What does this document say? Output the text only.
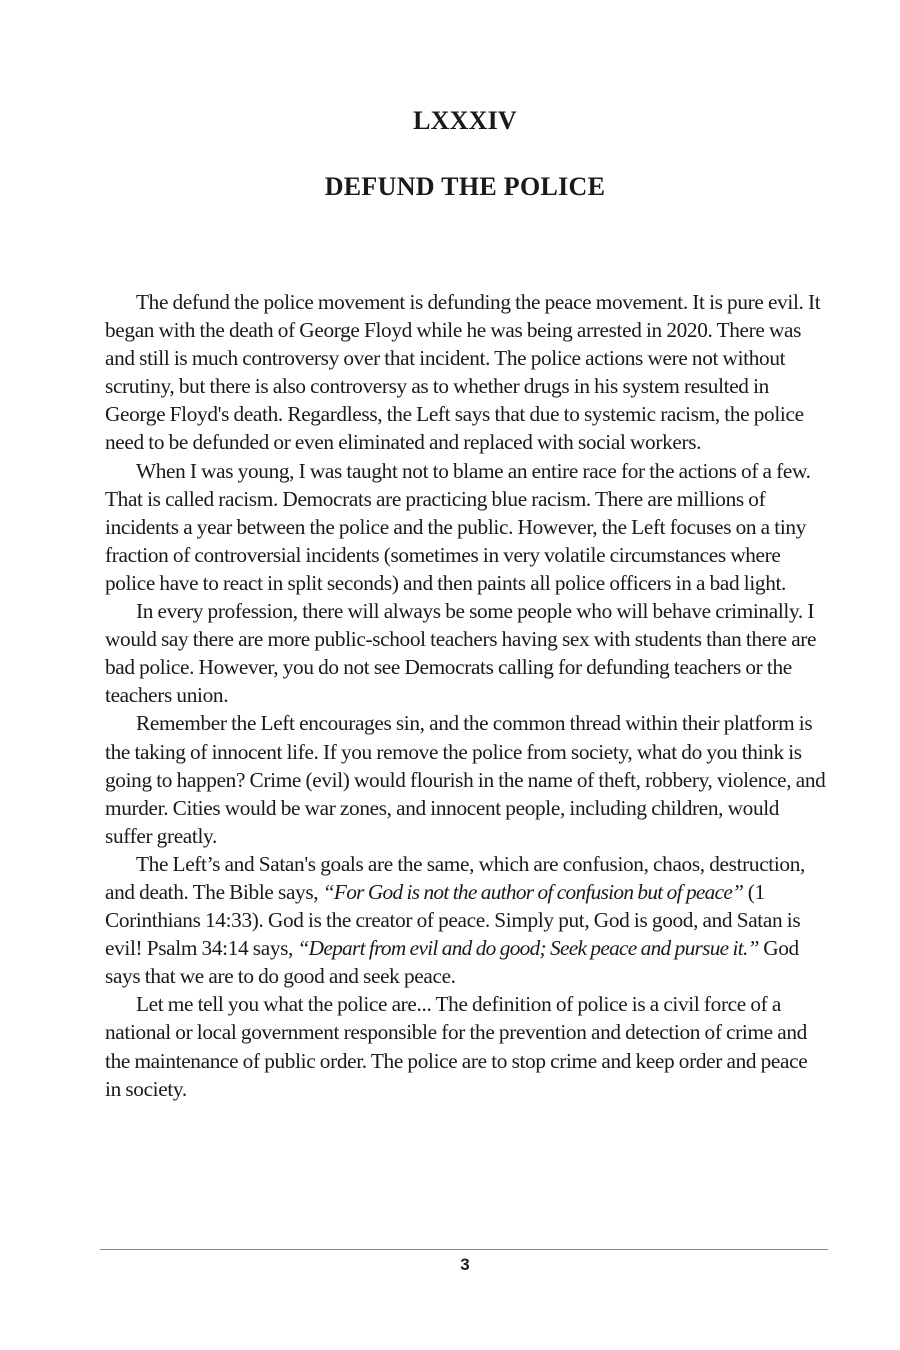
LXXXIV
DEFUND THE POLICE

The defund the police movement is defunding the peace movement. It is pure evil. It began with the death of George Floyd while he was being arrested in 2020. There was and still is much controversy over that incident. The police actions were not without scrutiny, but there is also controversy as to whether drugs in his system resulted in George Floyd's death. Regardless, the Left says that due to systemic racism, the police need to be defunded or even eliminated and replaced with social workers.

When I was young, I was taught not to blame an entire race for the actions of a few. That is called racism. Democrats are practicing blue racism. There are millions of incidents a year between the police and the public. However, the Left focuses on a tiny fraction of controversial incidents (sometimes in very volatile circumstances where police have to react in split seconds) and then paints all police officers in a bad light.

In every profession, there will always be some people who will behave criminally. I would say there are more public-school teachers having sex with students than there are bad police. However, you do not see Democrats calling for defunding teachers or the teachers union.

Remember the Left encourages sin, and the common thread within their platform is the taking of innocent life. If you remove the police from society, what do you think is going to happen? Crime (evil) would flourish in the name of theft, robbery, violence, and murder. Cities would be war zones, and innocent people, including children, would suffer greatly.

The Left’s and Satan's goals are the same, which are confusion, chaos, destruction, and death. The Bible says, “For God is not the author of confusion but of peace” (1 Corinthians 14:33). God is the creator of peace. Simply put, God is good, and Satan is evil! Psalm 34:14 says, “Depart from evil and do good; Seek peace and pursue it.” God says that we are to do good and seek peace.

Let me tell you what the police are... The definition of police is a civil force of a national or local government responsible for the prevention and detection of crime and the maintenance of public order. The police are to stop crime and keep order and peace in society.

3
